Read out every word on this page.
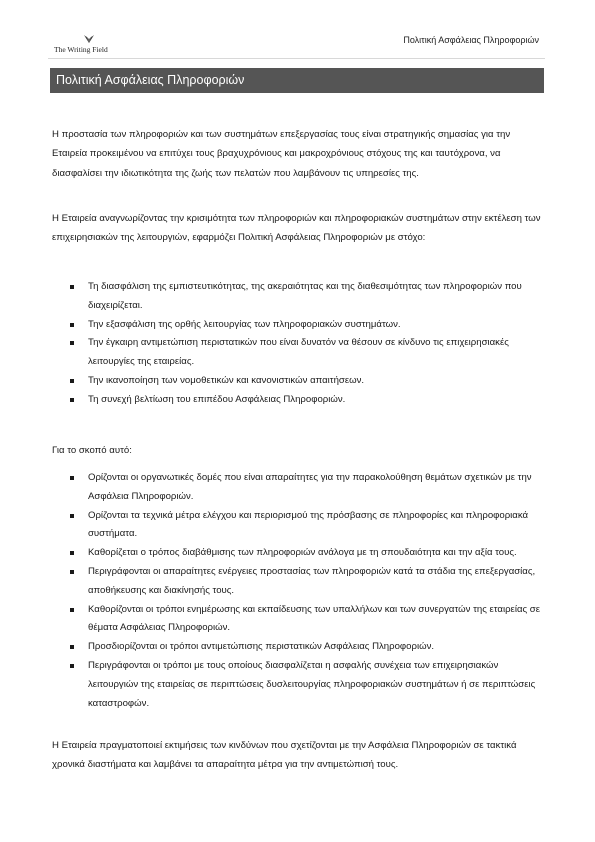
The Writing Field
Πολιτική Ασφάλειας Πληροφοριών
Πολιτική Ασφάλειας Πληροφοριών

Η προστασία των πληροφοριών και των συστημάτων επεξεργασίας τους είναι στρατηγικής σημασίας για την Εταιρεία προκειμένου να επιτύχει τους βραχυχρόνιους και μακροχρόνιους στόχους της και ταυτόχρονα, να διασφαλίσει την ιδιωτικότητα της ζωής των πελατών που λαμβάνουν τις υπηρεσίες της.

Η Εταιρεία αναγνωρίζοντας την κρισιμότητα των πληροφοριών και πληροφοριακών συστημάτων στην εκτέλεση των επιχειρησιακών της λειτουργιών, εφαρμόζει Πολιτική Ασφάλειας Πληροφοριών με στόχο:

Τη διασφάλιση της εμπιστευτικότητας, της ακεραιότητας και της διαθεσιμότητας των πληροφοριών που διαχειρίζεται.
Την εξασφάλιση της ορθής λειτουργίας των πληροφοριακών συστημάτων.
Την έγκαιρη αντιμετώπιση περιστατικών που είναι δυνατόν να θέσουν σε κίνδυνο τις επιχειρησιακές λειτουργίες της εταιρείας.
Την ικανοποίηση των νομοθετικών και κανονιστικών απαιτήσεων.
Τη συνεχή βελτίωση του επιπέδου Ασφάλειας Πληροφοριών.

Για το σκοπό αυτό:

Ορίζονται οι οργανωτικές δομές που είναι απαραίτητες για την παρακολούθηση θεμάτων σχετικών με την Ασφάλεια Πληροφοριών.
Ορίζονται τα τεχνικά μέτρα ελέγχου και περιορισμού της πρόσβασης σε πληροφορίες και πληροφοριακά συστήματα.
Καθορίζεται ο τρόπος διαβάθμισης των πληροφοριών ανάλογα με τη σπουδαιότητα και την αξία τους.
Περιγράφονται οι απαραίτητες ενέργειες προστασίας των πληροφοριών κατά τα στάδια της επεξεργασίας, αποθήκευσης και διακίνησής τους.
Καθορίζονται οι τρόποι ενημέρωσης και εκπαίδευσης των υπαλλήλων και των συνεργατών της εταιρείας σε θέματα Ασφάλειας Πληροφοριών.
Προσδιορίζονται οι τρόποι αντιμετώπισης περιστατικών Ασφάλειας Πληροφοριών.
Περιγράφονται οι τρόποι με τους οποίους διασφαλίζεται η ασφαλής συνέχεια των επιχειρησιακών λειτουργιών της εταιρείας σε περιπτώσεις δυσλειτουργίας πληροφοριακών συστημάτων ή σε περιπτώσεις καταστροφών.

Η Εταιρεία πραγματοποιεί εκτιμήσεις των κινδύνων που σχετίζονται με την Ασφάλεια Πληροφοριών σε τακτικά χρονικά διαστήματα και λαμβάνει τα απαραίτητα μέτρα για την αντιμετώπισή τους.
